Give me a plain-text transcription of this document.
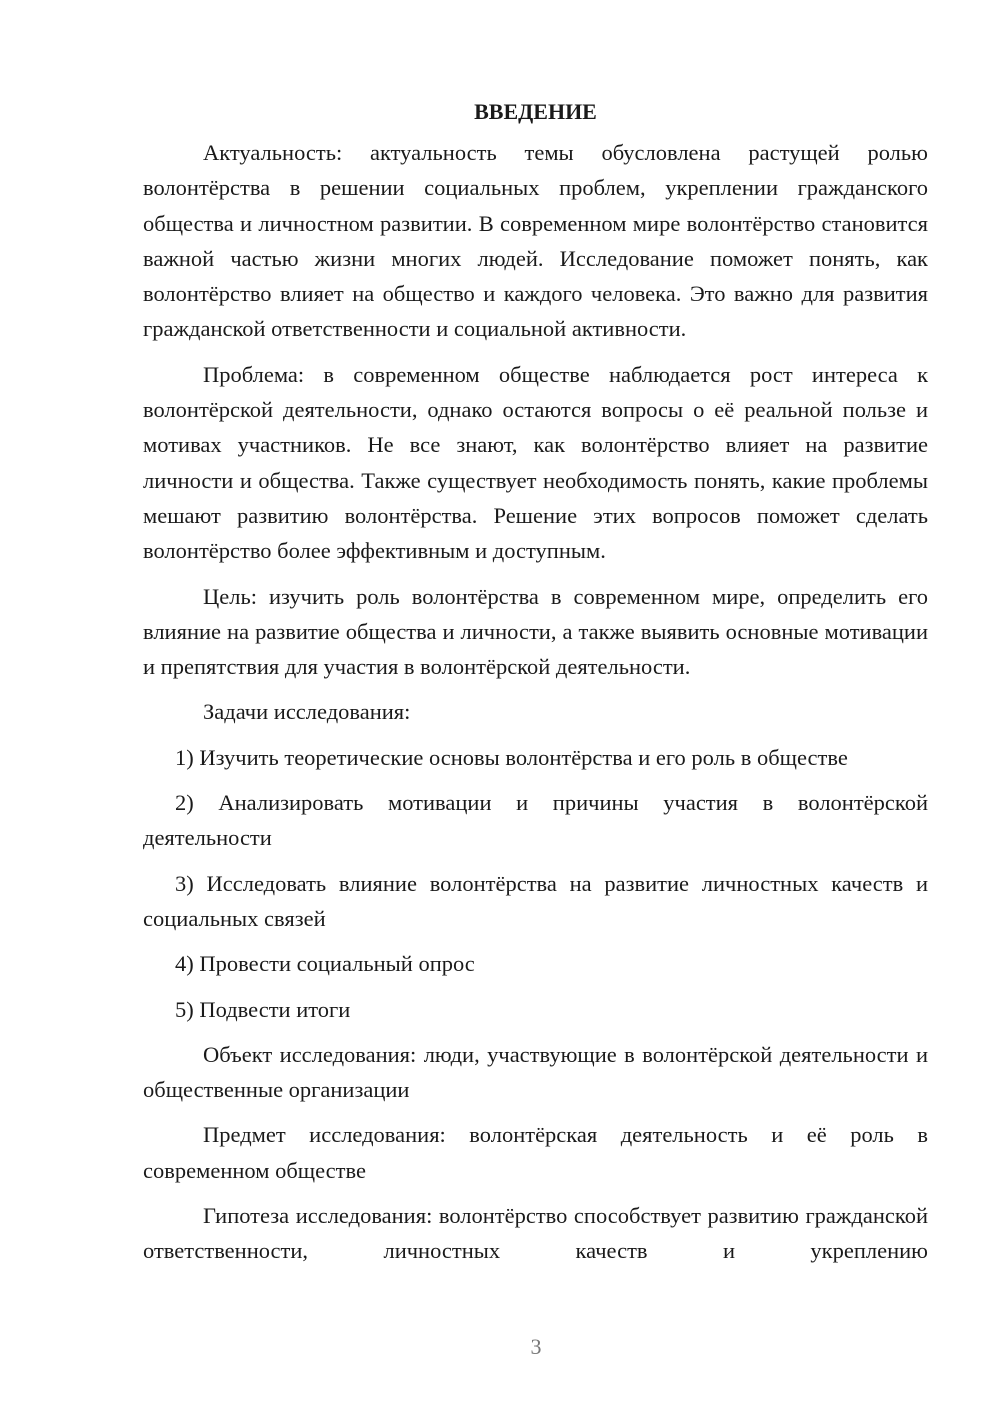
ВВЕДЕНИЕ

Актуальность: актуальность темы обусловлена растущей ролью волонтёрства в решении социальных проблем, укреплении гражданского общества и личностном развитии. В современном мире волонтёрство становится важной частью жизни многих людей. Исследование поможет понять, как волонтёрство влияет на общество и каждого человека. Это важно для развития гражданской ответственности и социальной активности.

Проблема: в современном обществе наблюдается рост интереса к волонтёрской деятельности, однако остаются вопросы о её реальной пользе и мотивах участников. Не все знают, как волонтёрство влияет на развитие личности и общества. Также существует необходимость понять, какие проблемы мешают развитию волонтёрства. Решение этих вопросов поможет сделать волонтёрство более эффективным и доступным.

Цель: изучить роль волонтёрства в современном мире, определить его влияние на развитие общества и личности, а также выявить основные мотивации и препятствия для участия в волонтёрской деятельности.

Задачи исследования:

1) Изучить теоретические основы волонтёрства и его роль в обществе

2) Анализировать мотивации и причины участия в волонтёрской деятельности

3) Исследовать влияние волонтёрства на развитие личностных качеств и социальных связей

4) Провести социальный опрос

5) Подвести итоги

Объект исследования: люди, участвующие в волонтёрской деятельности и общественные организации

Предмет исследования: волонтёрская деятельность и её роль в современном обществе

Гипотеза исследования: волонтёрство способствует развитию гражданской ответственности, личностных качеств и укреплению

3
